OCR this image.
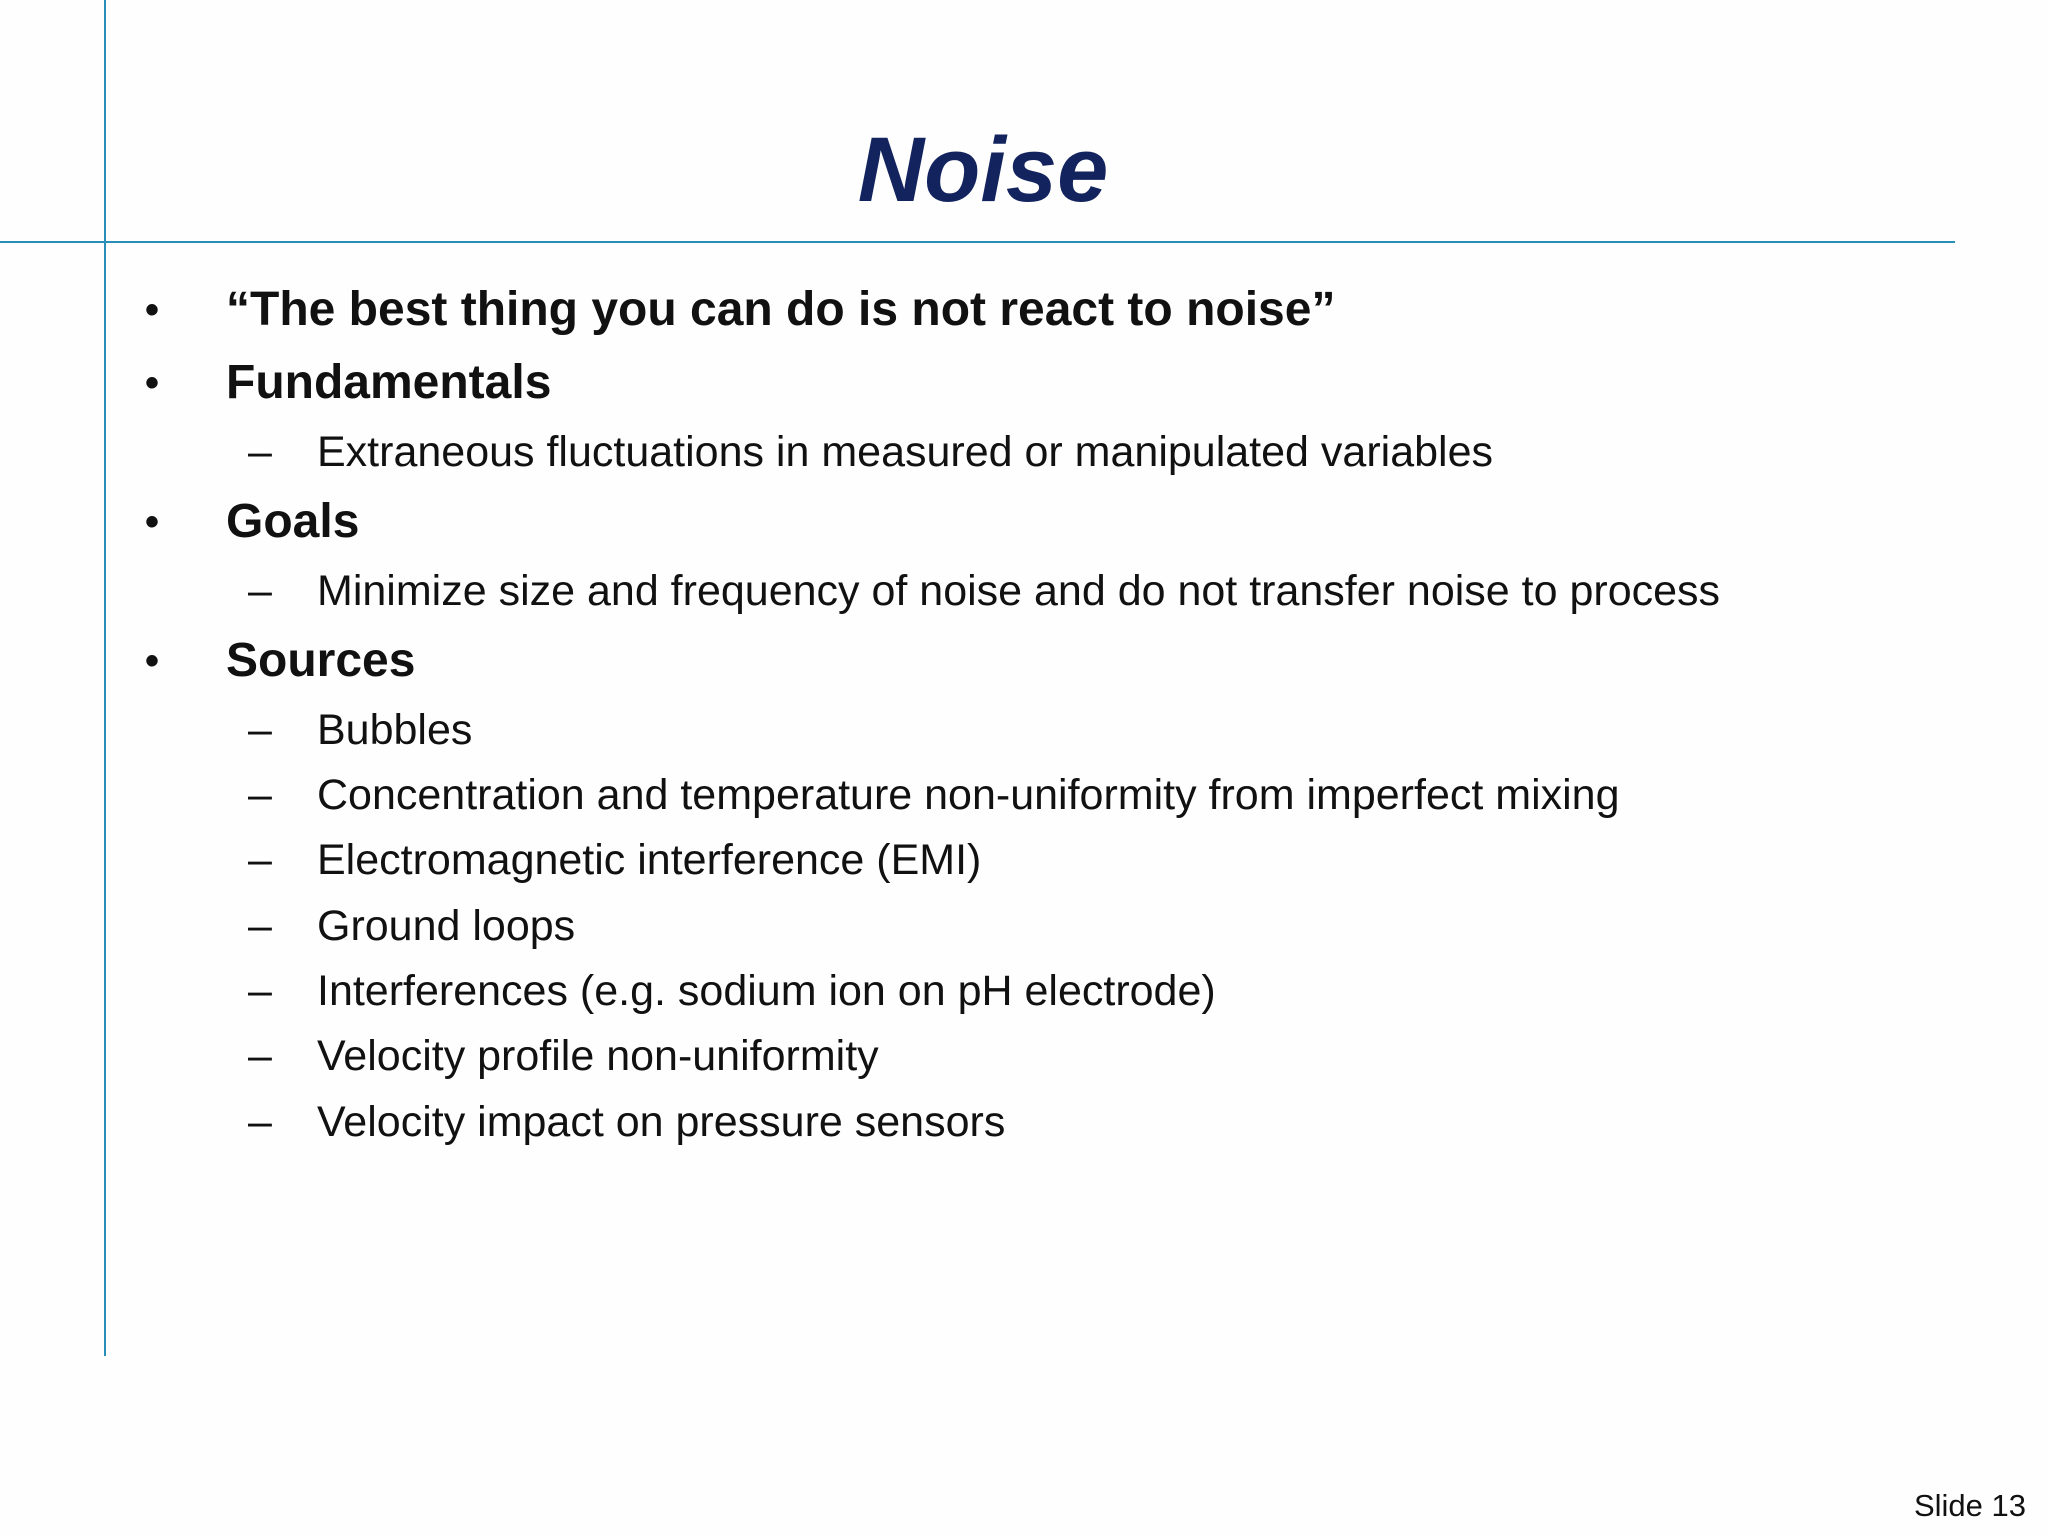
Noise
• “The best thing you can do is not react to noise”
• Fundamentals
– Extraneous fluctuations in measured or manipulated variables
• Goals
– Minimize size and frequency of noise and do not transfer noise to process
• Sources
– Bubbles
– Concentration and temperature non-uniformity from imperfect mixing
– Electromagnetic interference (EMI)
– Ground loops
– Interferences (e.g. sodium ion on pH electrode)
– Velocity profile non-uniformity
– Velocity impact on pressure sensors
Slide 13
